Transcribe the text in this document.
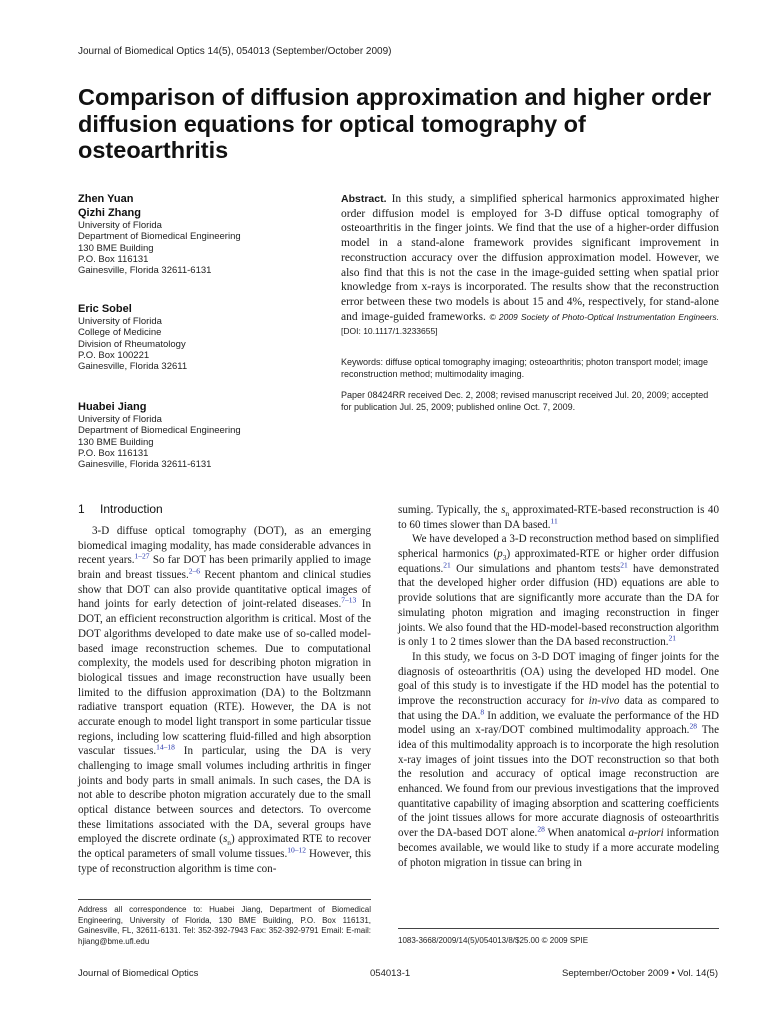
Journal of Biomedical Optics 14(5), 054013 (September/October 2009)
Comparison of diffusion approximation and higher order diffusion equations for optical tomography of osteoarthritis
Zhen Yuan
Qizhi Zhang
University of Florida
Department of Biomedical Engineering
130 BME Building
P.O. Box 116131
Gainesville, Florida 32611-6131
Eric Sobel
University of Florida
College of Medicine
Division of Rheumatology
P.O. Box 100221
Gainesville, Florida 32611
Huabei Jiang
University of Florida
Department of Biomedical Engineering
130 BME Building
P.O. Box 116131
Gainesville, Florida 32611-6131
Abstract. In this study, a simplified spherical harmonics approximated higher order diffusion model is employed for 3-D diffuse optical tomography of osteoarthritis in the finger joints. We find that the use of a higher-order diffusion model in a stand-alone framework provides significant improvement in reconstruction accuracy over the diffusion approximation model. However, we also find that this is not the case in the image-guided setting when spatial prior knowledge from x-rays is incorporated. The results show that the reconstruction error between these two models is about 15 and 4%, respectively, for stand-alone and image-guided frameworks. © 2009 Society of Photo-Optical Instrumentation Engineers. [DOI: 10.1117/1.3233655]
Keywords: diffuse optical tomography imaging; osteoarthritis; photon transport model; image reconstruction method; multimodality imaging.
Paper 08424RR received Dec. 2, 2008; revised manuscript received Jul. 20, 2009; accepted for publication Jul. 25, 2009; published online Oct. 7, 2009.
1 Introduction

3-D diffuse optical tomography (DOT), as an emerging biomedical imaging modality, has made considerable advances in recent years.$^{1-27}$ So far DOT has been primarily applied to image brain and breast tissues.$^{2-6}$ Recent phantom and clinical studies show that DOT can also provide quantitative optical images of hand joints for early detection of joint-related diseases.$^{7-13}$ In DOT, an efficient reconstruction algorithm is critical. Most of the DOT algorithms developed to date make use of so-called model-based image reconstruction schemes. Due to computational complexity, the models used for describing photon migration in biological tissues and image reconstruction have usually been limited to the diffusion approximation (DA) to the Boltzmann radiative transport equation (RTE). However, the DA is not accurate enough to model light transport in some particular tissue regions, including low scattering fluid-filled and high absorption vascular tissues.$^{14-18}$ In particular, using the DA is very challenging to image small volumes including arthritis in finger joints and body parts in small animals. In such cases, the DA is not able to describe photon migration accurately due to the small optical distance between sources and detectors. To overcome these limitations associated with the DA, several groups have employed the discrete ordinate $(s_n)$ approximated RTE to recover the optical parameters of small volume tissues.$^{10-12}$ However, this type of reconstruction algorithm is time con-

suming. Typically, the $s_n$ approximated-RTE-based reconstruction is 40 to 60 times slower than DA based.$^{11}$

We have developed a 3-D reconstruction method based on simplified spherical harmonics $(p_3)$ approximated-RTE or higher order diffusion equations.$^{21}$ Our simulations and phantom tests$^{21}$ have demonstrated that the developed higher order diffusion (HD) equations are able to provide solutions that are significantly more accurate than the DA for simulating photon migration and imaging reconstruction in finger joints. We also found that the HD-model-based reconstruction algorithm is only 1 to 2 times slower than the DA based reconstruction.$^{21}$

In this study, we focus on 3-D DOT imaging of finger joints for the diagnosis of osteoarthritis (OA) using the developed HD model. One goal of this study is to investigate if the HD model has the potential to improve the reconstruction accuracy for in-vivo data as compared to that using the DA.$^8$ In addition, we evaluate the performance of the HD model using an x-ray/DOT combined multimodality approach.$^{28}$ The idea of this multimodality approach is to incorporate the high resolution x-ray images of joint tissues into the DOT reconstruction so that both the resolution and accuracy of optical image reconstruction are enhanced. We found from our previous investigations that the improved quantitative capability of imaging absorption and scattering coefficients of the joint tissues allows for more accurate diagnosis of osteoarthritis over the DA-based DOT alone.$^{28}$ When anatomical a-priori information becomes available, we would like to study if a more accurate modeling of photon migration in tissue can bring in

Address all correspondence to: Huabei Jiang, Department of Biomedical Engineering, University of Florida, 130 BME Building, P.O. Box 116131, Gainesville, FL, 32611-6131. Tel: 352-392-7943 Fax: 352-392-9791 Email: E-mail: hjiang@bme.ufl.edu	1083-3668/2009/14(5)/054013/8/$25.00 © 2009 SPIE
Journal of Biomedical Optics	054013-1	September/October 2009 • Vol. 14(5)
